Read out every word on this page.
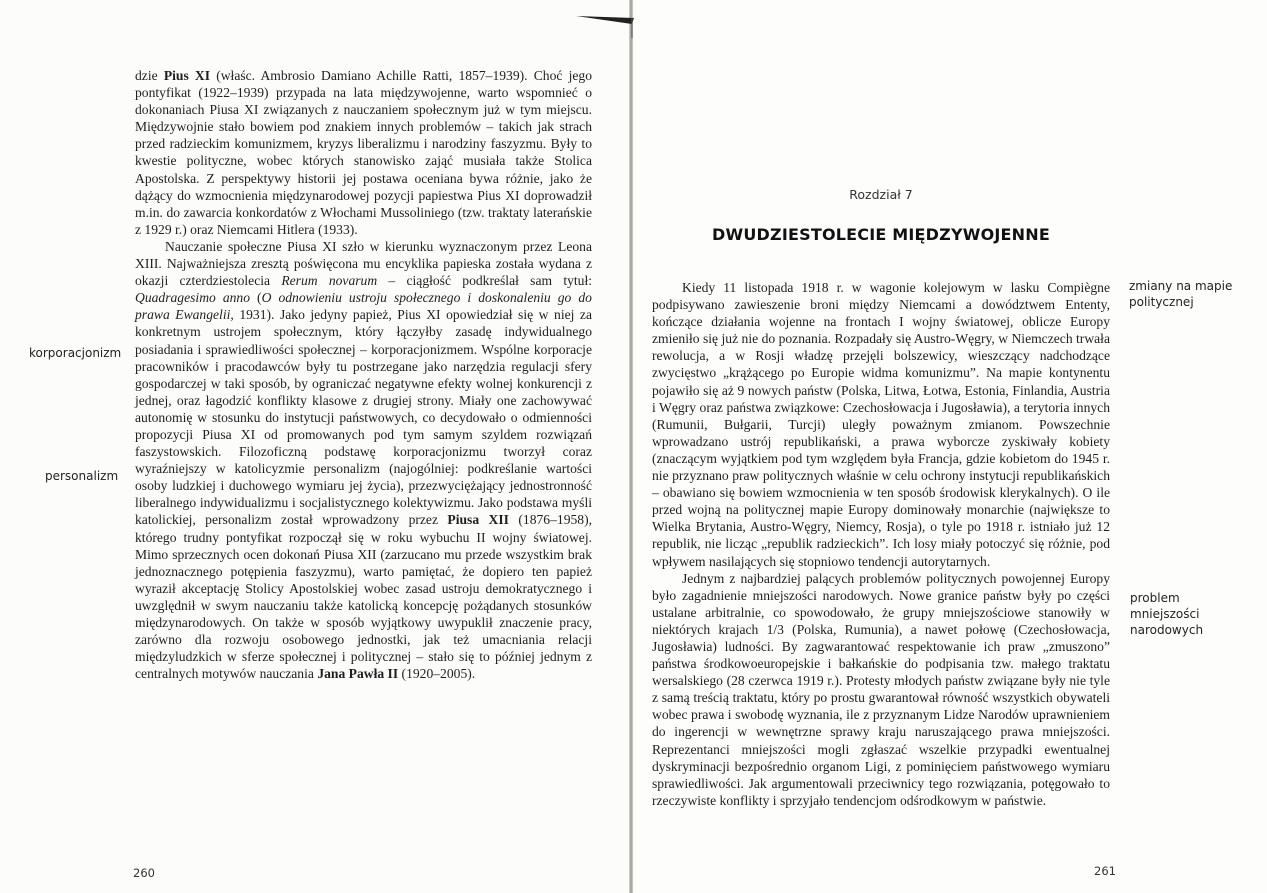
korporacjonizm
personalizm

dzie Pius XI (właśc. Ambrosio Damiano Achille Ratti, 1857–1939). Choć jego pontyfikat (1922–1939) przypada na lata międzywojenne, warto wspomnieć o dokonaniach Piusa XI związanych z nauczaniem społecznym już w tym miejscu. Międzywojnie stało bowiem pod znakiem innych problemów – takich jak strach przed radzieckim komunizmem, kryzys liberalizmu i narodziny faszyzmu. Były to kwestie polityczne, wobec których stanowisko zająć musiała także Stolica Apostolska. Z perspektywy historii jej postawa oceniana bywa różnie, jako że dążący do wzmocnienia międzynarodowej pozycji papiestwa Pius XI doprowadził m.in. do zawarcia konkordatów z Włochami Mussoliniego (tzw. traktaty laterańskie z 1929 r.) oraz Niemcami Hitlera (1933).

Nauczanie społeczne Piusa XI szło w kierunku wyznaczonym przez Leona XIII. Najważniejsza zresztą poświęcona mu encyklika papieska została wydana z okazji czterdziestolecia Rerum novarum – ciągłość podkreślał sam tytuł: Quadragesimo anno (O odnowieniu ustroju społecznego i doskonaleniu go do prawa Ewangelii, 1931). Jako jedyny papież, Pius XI opowiedział się w niej za konkretnym ustrojem społecznym, który łączyłby zasadę indywidualnego posiadania i sprawiedliwości społecznej – korporacjonizmem. Wspólne korporacje pracowników i pracodawców były tu postrzegane jako narzędzia regulacji sfery gospodarczej w taki sposób, by ograniczać negatywne efekty wolnej konkurencji z jednej, oraz łagodzić konflikty klasowe z drugiej strony. Miały one zachowywać autonomię w stosunku do instytucji państwowych, co decydowało o odmienności propozycji Piusa XI od promowanych pod tym samym szyldem rozwiązań faszystowskich. Filozoficzną podstawę korporacjonizmu tworzył coraz wyraźniejszy w katolicyzmie personalizm (najogólniej: podkreślanie wartości osoby ludzkiej i duchowego wymiaru jej życia), przezwyciężający jednostronność liberalnego indywidualizmu i socjalistycznego kolektywizmu. Jako podstawa myśli katolickiej, personalizm został wprowadzony przez Piusa XII (1876–1958), którego trudny pontyfikat rozpoczął się w roku wybuchu II wojny światowej. Mimo sprzecznych ocen dokonań Piusa XII (zarzucano mu przede wszystkim brak jednoznacznego potępienia faszyzmu), warto pamiętać, że dopiero ten papież wyraził akceptację Stolicy Apostolskiej wobec zasad ustroju demokratycznego i uwzględnił w swym nauczaniu także katolicką koncepcję pożądanych stosunków międzynarodowych. On także w sposób wyjątkowy uwypuklił znaczenie pracy, zarówno dla rozwoju osobowego jednostki, jak też umacniania relacji międzyludzkich w sferze społecznej i politycznej – stało się to później jednym z centralnych motywów nauczania Jana Pawła II (1920–2005).

260
Rozdział 7
DWUDZIESTOLECIE MIĘDZYWOJENNE

Kiedy 11 listopada 1918 r. w wagonie kolejowym w lasku Compiègne podpisywano zawieszenie broni między Niemcami a dowództwem Ententy, kończące działania wojenne na frontach I wojny światowej, oblicze Europy zmieniło się już nie do poznania. Rozpadały się Austro-Węgry, w Niemczech trwała rewolucja, a w Rosji władzę przejęli bolszewicy, wieszczący nadchodzące zwycięstwo „krążącego po Europie widma komunizmu”. Na mapie kontynentu pojawiło się aż 9 nowych państw (Polska, Litwa, Łotwa, Estonia, Finlandia, Austria i Węgry oraz państwa związkowe: Czechosłowacja i Jugosławia), a terytoria innych (Rumunii, Bułgarii, Turcji) uległy poważnym zmianom. Powszechnie wprowadzano ustrój republikański, a prawa wyborcze zyskiwały kobiety (znaczącym wyjątkiem pod tym względem była Francja, gdzie kobietom do 1945 r. nie przyznano praw politycznych właśnie w celu ochrony instytucji republikańskich – obawiano się bowiem wzmocnienia w ten sposób środowisk klerykalnych). O ile przed wojną na politycznej mapie Europy dominowały monarchie (największe to Wielka Brytania, Austro-Węgry, Niemcy, Rosja), o tyle po 1918 r. istniało już 12 republik, nie licząc „republik radzieckich”. Ich losy miały potoczyć się różnie, pod wpływem nasilających się stopniowo tendencji autorytarnych.

Jednym z najbardziej palących problemów politycznych powojennej Europy było zagadnienie mniejszości narodowych. Nowe granice państw były po części ustalane arbitralnie, co spowodowało, że grupy mniejszościowe stanowiły w niektórych krajach 1/3 (Polska, Rumunia), a nawet połowę (Czechosłowacja, Jugosławia) ludności. By zagwarantować respektowanie ich praw „zmuszono” państwa środkowoeuropejskie i bałkańskie do podpisania tzw. małego traktatu wersalskiego (28 czerwca 1919 r.). Protesty młodych państw związane były nie tyle z samą treścią traktatu, który po prostu gwarantował równość wszystkich obywateli wobec prawa i swobodę wyznania, ile z przyznanym Lidze Narodów uprawnieniem do ingerencji w wewnętrzne sprawy kraju naruszającego prawa mniejszości. Reprezentanci mniejszości mogli zgłaszać wszelkie przypadki ewentualnej dyskryminacji bezpośrednio organom Ligi, z pominięciem państwowego wymiaru sprawiedliwości. Jak argumentowali przeciwnicy tego rozwiązania, potęgowało to rzeczywiste konflikty i sprzyjało tendencjom odśrodkowym w państwie.

zmiany na mapie politycznej
problem mniejszości narodowych
261
